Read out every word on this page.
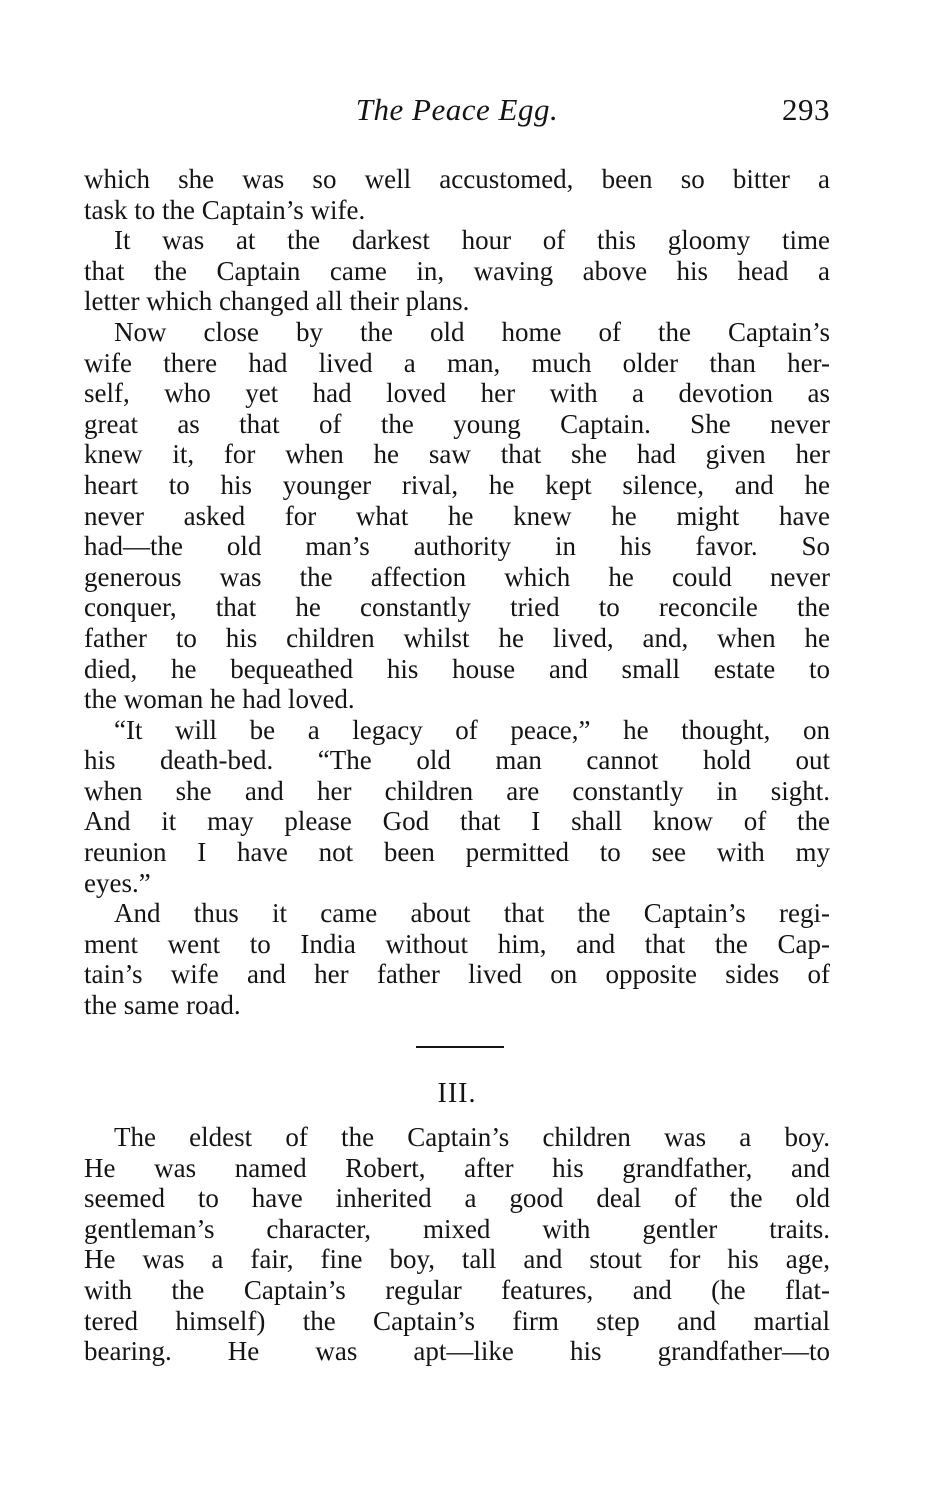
The Peace Egg.	293
which she was so well accustomed, been so bitter a
task to the Captain’s wife.
It was at the darkest hour of this gloomy time
that the Captain came in, waving above his head a
letter which changed all their plans.
Now close by the old home of the Captain’s
wife there had lived a man, much older than her-
self, who yet had loved her with a devotion as
great as that of the young Captain. She never
knew it, for when he saw that she had given her
heart to his younger rival, he kept silence, and he
never asked for what he knew he might have
had—the old man’s authority in his favor. So
generous was the affection which he could never
conquer, that he constantly tried to reconcile the
father to his children whilst he lived, and, when he
died, he bequeathed his house and small estate to
the woman he had loved.
“It will be a legacy of peace,” he thought, on
his death-bed. “The old man cannot hold out
when she and her children are constantly in sight.
And it may please God that I shall know of the
reunion I have not been permitted to see with my
eyes.”
And thus it came about that the Captain’s regi-
ment went to India without him, and that the Cap-
tain’s wife and her father lived on opposite sides of
the same road.
III.
The eldest of the Captain’s children was a boy.
He was named Robert, after his grandfather, and
seemed to have inherited a good deal of the old
gentleman’s character, mixed with gentler traits.
He was a fair, fine boy, tall and stout for his age,
with the Captain’s regular features, and (he flat-
tered himself) the Captain’s firm step and martial
bearing. He was apt—like his grandfather—to
